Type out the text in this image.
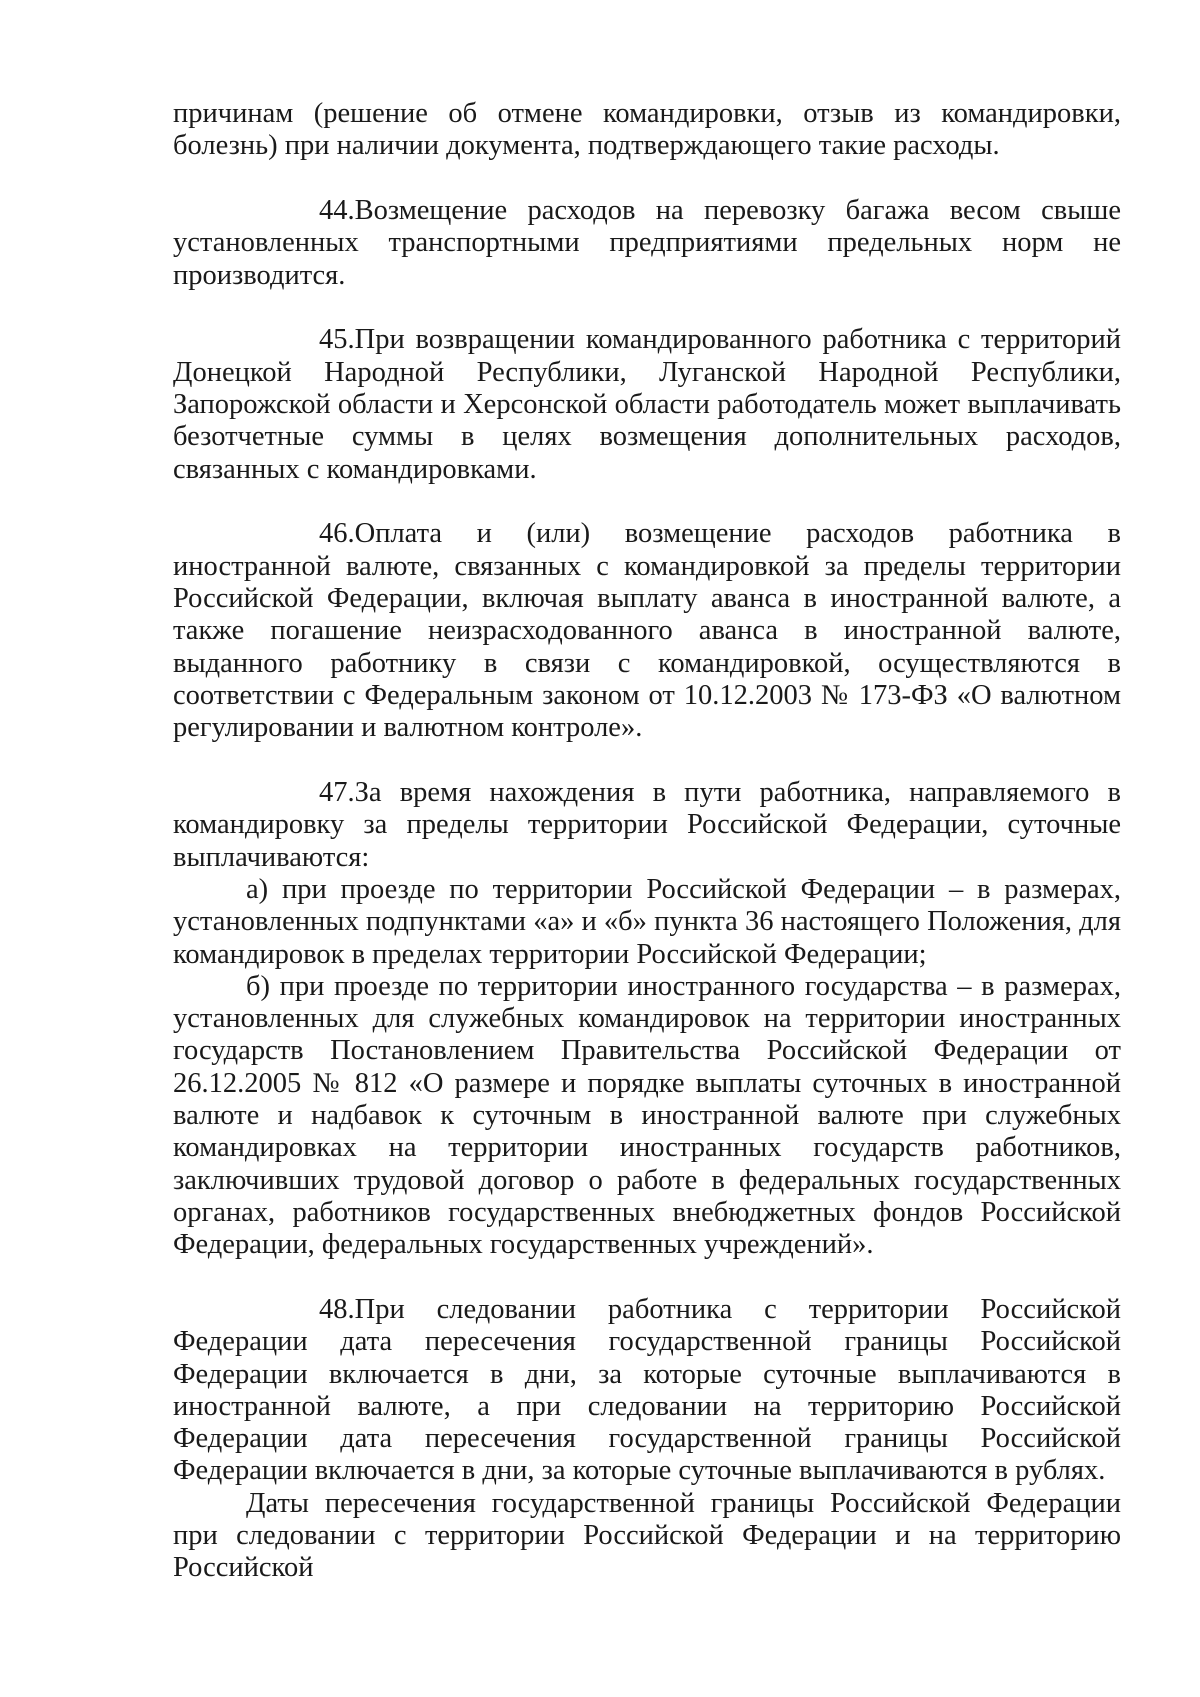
причинам (решение об отмене командировки, отзыв из командировки, болезнь) при наличии документа, подтверждающего такие расходы.

44.Возмещение расходов на перевозку багажа весом свыше установленных транспортными предприятиями предельных норм не производится.

45.При возвращении командированного работника с территорий Донецкой Народной Республики, Луганской Народной Республики, Запорожской области и Херсонской области работодатель может выплачивать безотчетные суммы в целях возмещения дополнительных расходов, связанных с командировками.

46.Оплата и (или) возмещение расходов работника в иностранной валюте, связанных с командировкой за пределы территории Российской Федерации, включая выплату аванса в иностранной валюте, а также погашение неизрасходованного аванса в иностранной валюте, выданного работнику в связи с командировкой, осуществляются в соответствии с Федеральным законом от 10.12.2003 № 173-ФЗ «О валютном регулировании и валютном контроле».

47.За время нахождения в пути работника, направляемого в командировку за пределы территории Российской Федерации, суточные выплачиваются:

а) при проезде по территории Российской Федерации – в размерах, установленных подпунктами «а» и «б» пункта 36 настоящего Положения, для командировок в пределах территории Российской Федерации;

б) при проезде по территории иностранного государства – в размерах, установленных для служебных командировок на территории иностранных государств Постановлением Правительства Российской Федерации от 26.12.2005 № 812 «О размере и порядке выплаты суточных в иностранной валюте и надбавок к суточным в иностранной валюте при служебных командировках на территории иностранных государств работников, заключивших трудовой договор о работе в федеральных государственных органах, работников государственных внебюджетных фондов Российской Федерации, федеральных государственных учреждений».

48.При следовании работника с территории Российской Федерации дата пересечения государственной границы Российской Федерации включается в дни, за которые суточные выплачиваются в иностранной валюте, а при следовании на территорию Российской Федерации дата пересечения государственной границы Российской Федерации включается в дни, за которые суточные выплачиваются в рублях.

Даты пересечения государственной границы Российской Федерации при следовании с территории Российской Федерации и на территорию Российской
